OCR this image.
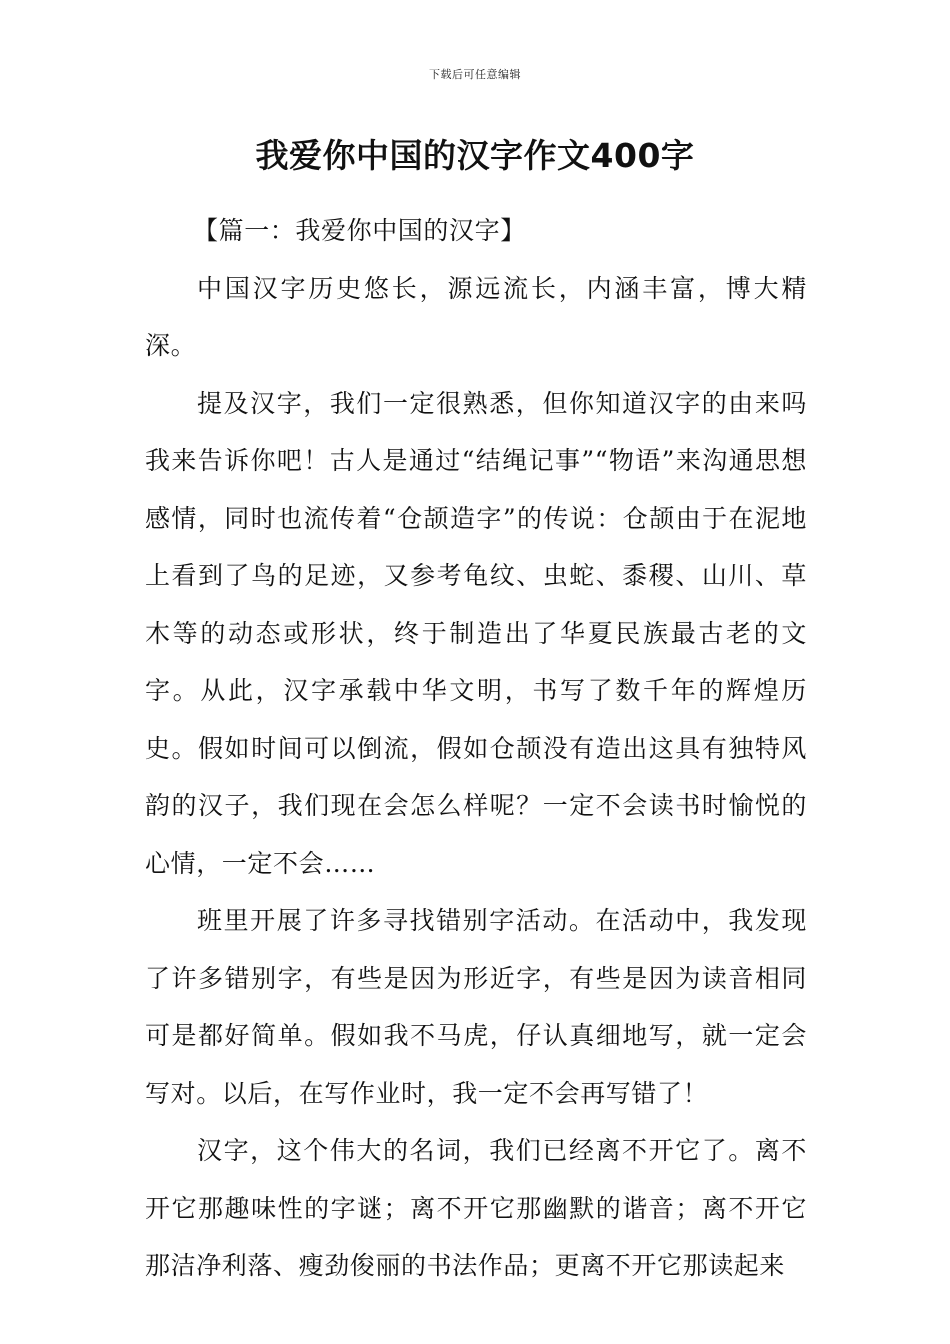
下载后可任意编辑
我爱你中国的汉字作文400字

【篇一：我爱你中国的汉字】

中国汉字历史悠长，源远流长，内涵丰富，博大精深。

提及汉字，我们一定很熟悉，但你知道汉字的由来吗我来告诉你吧！古人是通过“结绳记事”“物语”来沟通思想感情，同时也流传着“仓颉造字”的传说：仓颉由于在泥地上看到了鸟的足迹，又参考龟纹、虫蛇、黍稷、山川、草木等的动态或形状，终于制造出了华夏民族最古老的文字。从此，汉字承载中华文明，书写了数千年的辉煌历史。假如时间可以倒流，假如仓颉没有造出这具有独特风韵的汉子，我们现在会怎么样呢？一定不会读书时愉悦的心情，一定不会……

班里开展了许多寻找错别字活动。在活动中，我发现了许多错别字，有些是因为形近字，有些是因为读音相同可是都好简单。假如我不马虎，仔认真细地写，就一定会写对。以后，在写作业时，我一定不会再写错了！

汉字，这个伟大的名词，我们已经离不开它了。离不开它那趣味性的字谜；离不开它那幽默的谐音；离不开它那洁净利落、瘦劲俊丽的书法作品；更离不开它那读起来
